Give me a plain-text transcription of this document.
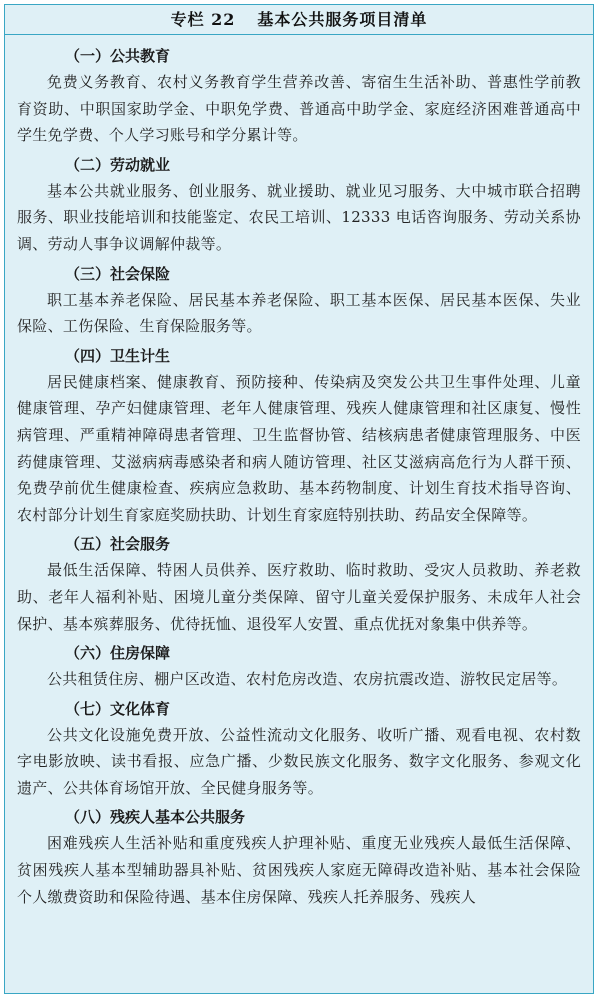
专栏 22 基本公共服务项目清单
（一）公共教育
免费义务教育、农村义务教育学生营养改善、寄宿生生活补助、普惠性学前教育资助、中职国家助学金、中职免学费、普通高中助学金、家庭经济困难普通高中学生免学费、个人学习账号和学分累计等。
（二）劳动就业
基本公共就业服务、创业服务、就业援助、就业见习服务、大中城市联合招聘服务、职业技能培训和技能鉴定、农民工培训、12333 电话咨询服务、劳动关系协调、劳动人事争议调解仲裁等。
（三）社会保险
职工基本养老保险、居民基本养老保险、职工基本医保、居民基本医保、失业保险、工伤保险、生育保险服务等。
（四）卫生计生
居民健康档案、健康教育、预防接种、传染病及突发公共卫生事件处理、儿童健康管理、孕产妇健康管理、老年人健康管理、残疾人健康管理和社区康复、慢性病管理、严重精神障碍患者管理、卫生监督协管、结核病患者健康管理服务、中医药健康管理、艾滋病病毒感染者和病人随访管理、社区艾滋病高危行为人群干预、免费孕前优生健康检查、疾病应急救助、基本药物制度、计划生育技术指导咨询、农村部分计划生育家庭奖励扶助、计划生育家庭特别扶助、药品安全保障等。
（五）社会服务
最低生活保障、特困人员供养、医疗救助、临时救助、受灾人员救助、养老救助、老年人福利补贴、困境儿童分类保障、留守儿童关爱保护服务、未成年人社会保护、基本殡葬服务、优待抚恤、退役军人安置、重点优抚对象集中供养等。
（六）住房保障
公共租赁住房、棚户区改造、农村危房改造、农房抗震改造、游牧民定居等。
（七）文化体育
公共文化设施免费开放、公益性流动文化服务、收听广播、观看电视、农村数字电影放映、读书看报、应急广播、少数民族文化服务、数字文化服务、参观文化遗产、公共体育场馆开放、全民健身服务等。
（八）残疾人基本公共服务
困难残疾人生活补贴和重度残疾人护理补贴、重度无业残疾人最低生活保障、贫困残疾人基本型辅助器具补贴、贫困残疾人家庭无障碍改造补贴、基本社会保险个人缴费资助和保险待遇、基本住房保障、残疾人托养服务、残疾人
